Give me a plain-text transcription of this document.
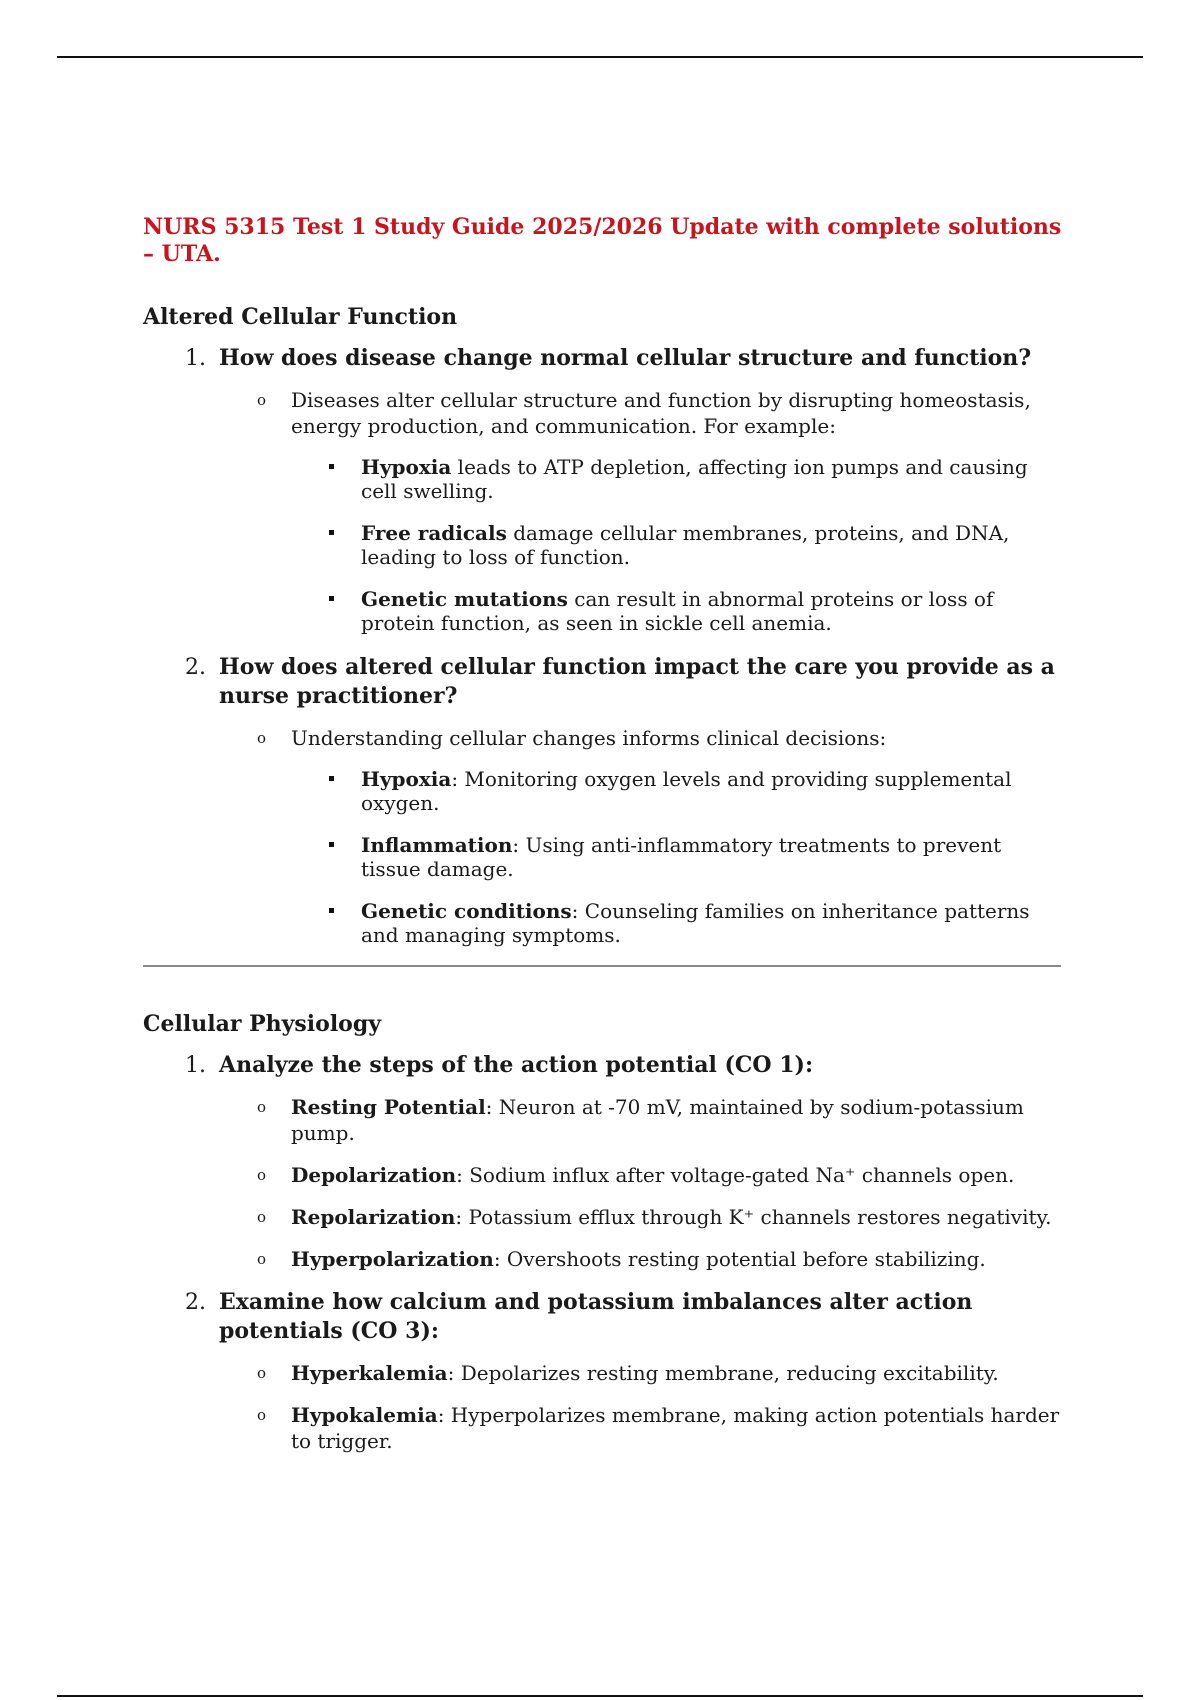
NURS 5315 Test 1 Study Guide 2025/2026 Update with complete solutions – UTA.
Altered Cellular Function
1. How does disease change normal cellular structure and function?
o Diseases alter cellular structure and function by disrupting homeostasis, energy production, and communication. For example:
Hypoxia leads to ATP depletion, affecting ion pumps and causing cell swelling.
Free radicals damage cellular membranes, proteins, and DNA, leading to loss of function.
Genetic mutations can result in abnormal proteins or loss of protein function, as seen in sickle cell anemia.
2. How does altered cellular function impact the care you provide as a nurse practitioner?
o Understanding cellular changes informs clinical decisions:
Hypoxia: Monitoring oxygen levels and providing supplemental oxygen.
Inflammation: Using anti-inflammatory treatments to prevent tissue damage.
Genetic conditions: Counseling families on inheritance patterns and managing symptoms.
Cellular Physiology
1. Analyze the steps of the action potential (CO 1):
o Resting Potential: Neuron at -70 mV, maintained by sodium-potassium pump.
o Depolarization: Sodium influx after voltage-gated Na⁺ channels open.
o Repolarization: Potassium efflux through K⁺ channels restores negativity.
o Hyperpolarization: Overshoots resting potential before stabilizing.
2. Examine how calcium and potassium imbalances alter action potentials (CO 3):
o Hyperkalemia: Depolarizes resting membrane, reducing excitability.
o Hypokalemia: Hyperpolarizes membrane, making action potentials harder to trigger.
